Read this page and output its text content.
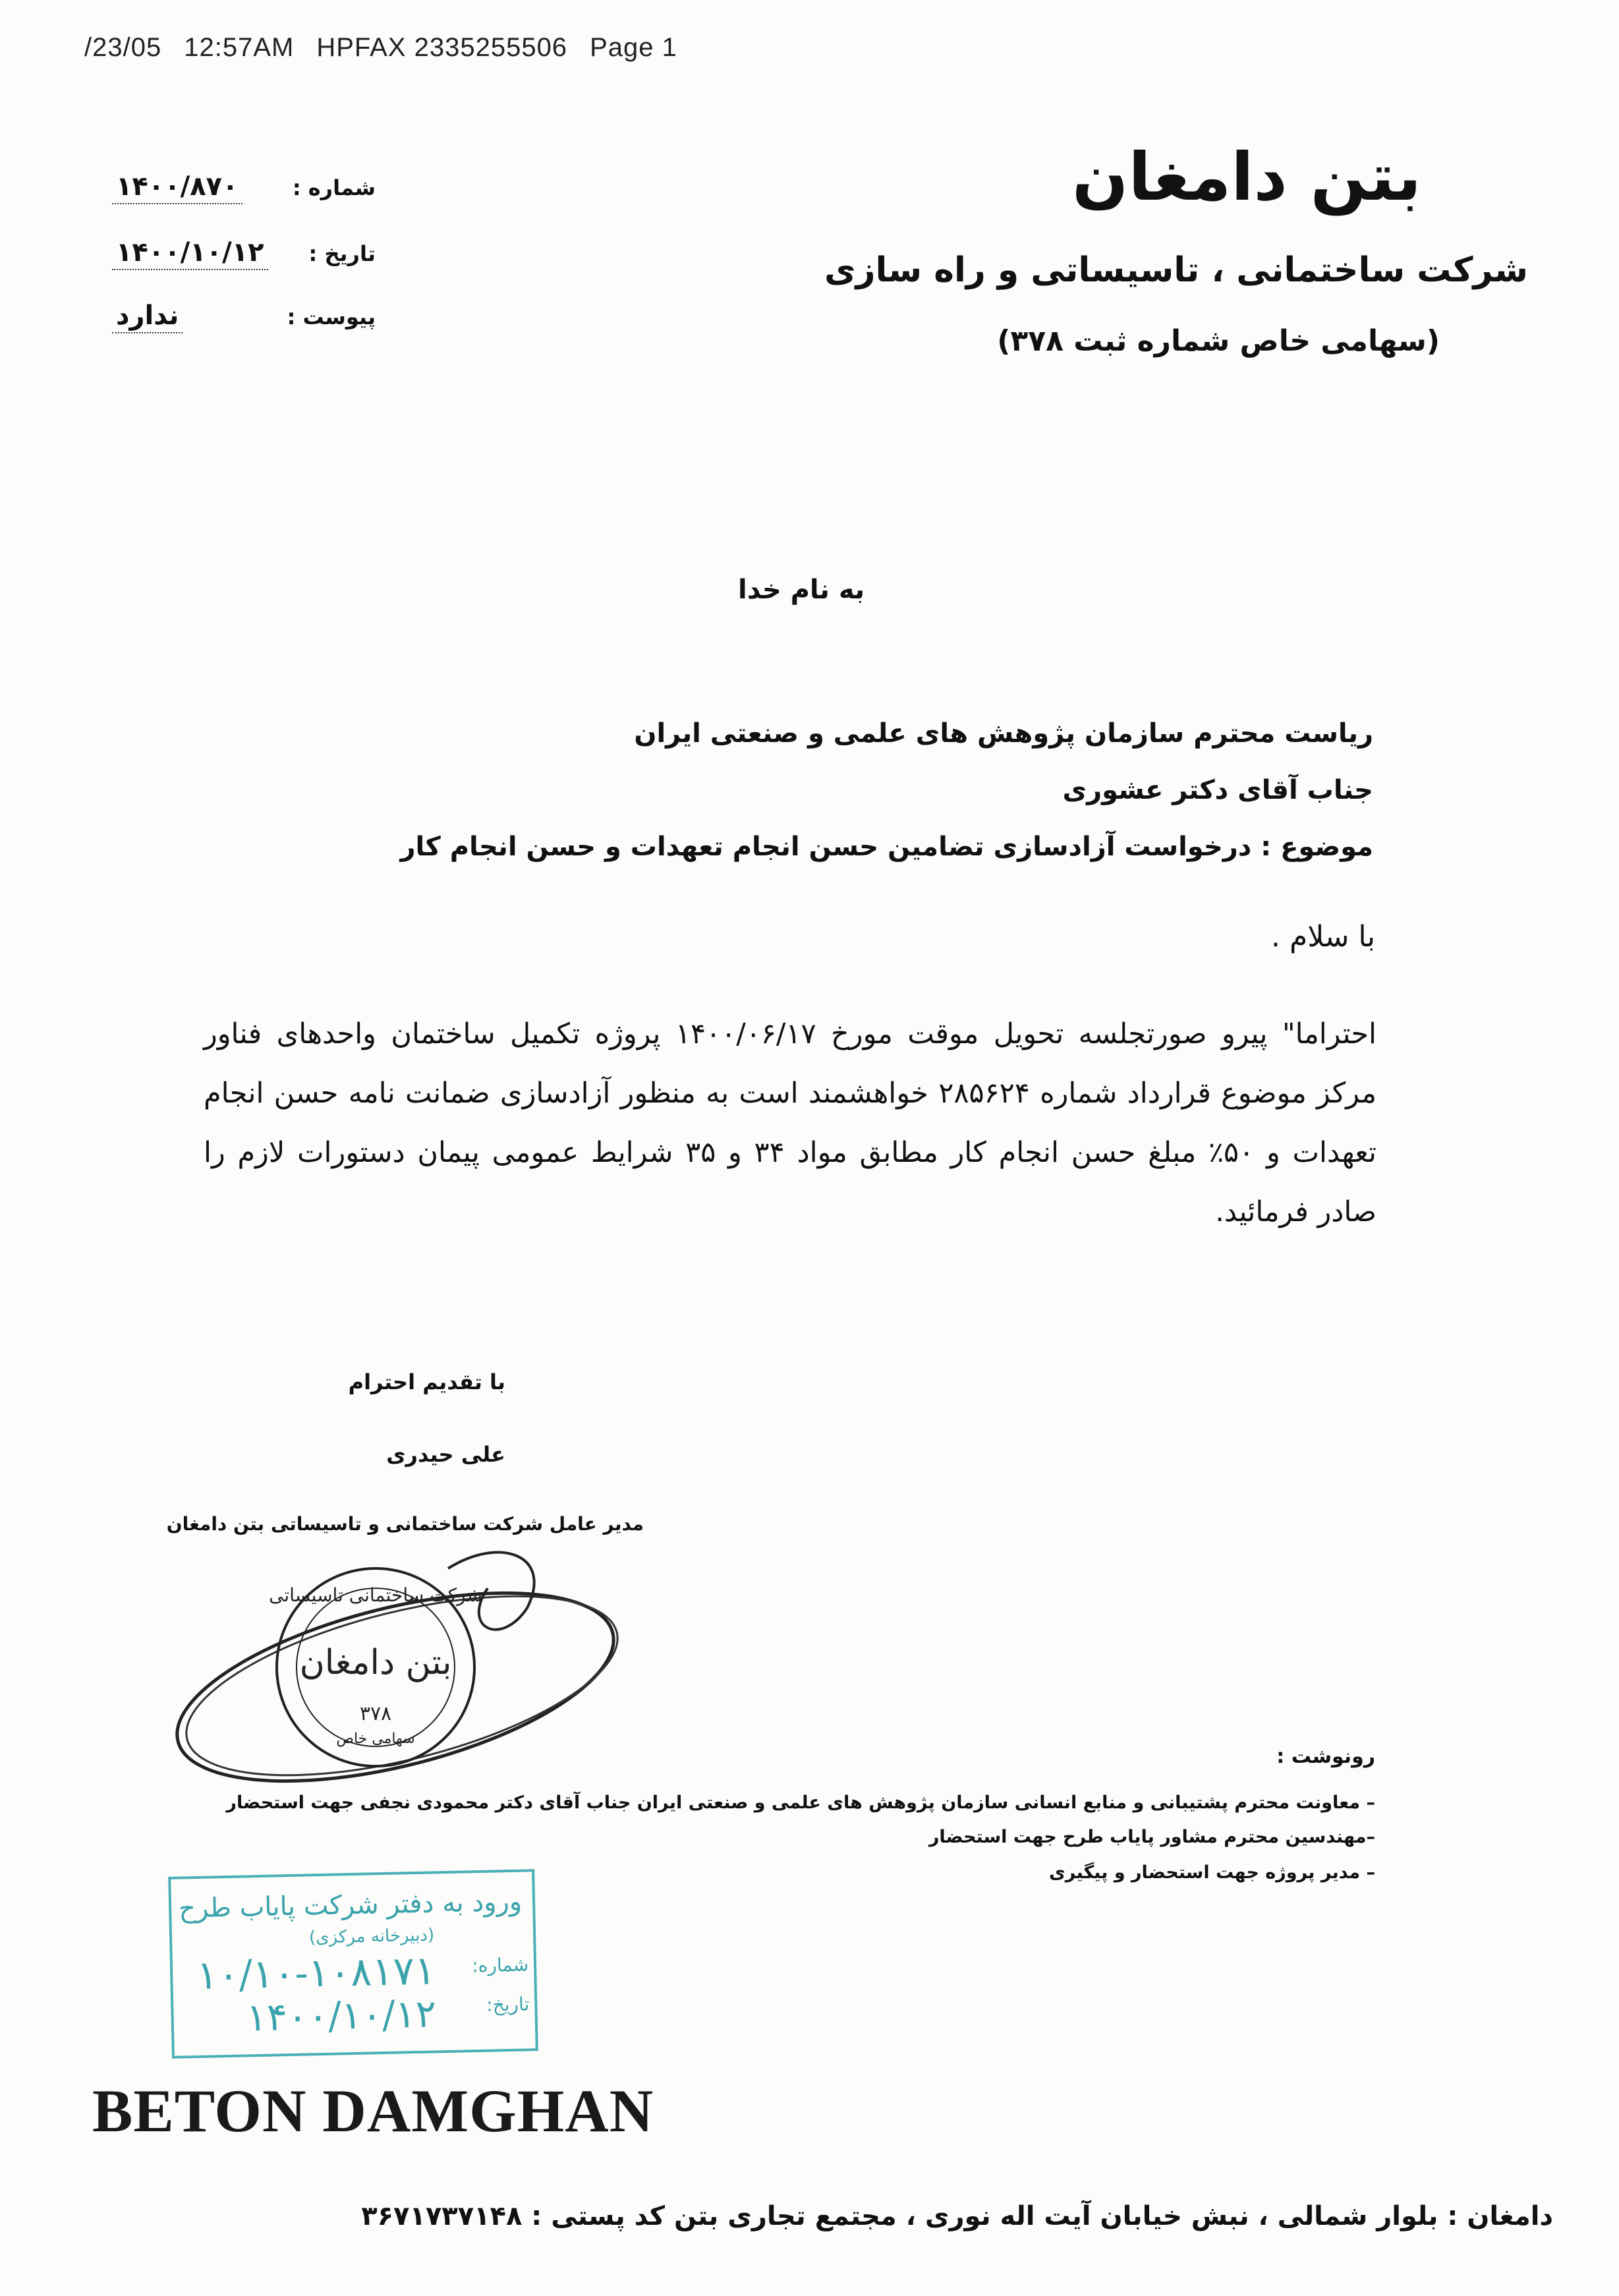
/23/05 12:57AM HPFAX 2335255506 Page 1
بتن دامغان
شرکت ساختمانی ، تاسیساتی و راه سازی
(سهامی خاص شماره ثبت ۳۷۸)
۱۴۰۰/۸۷۰	شماره :
۱۴۰۰/۱۰/۱۲ تاریخ :
ندارد	پیوست :
به نام خدا
ریاست محترم سازمان پژوهش های علمی و صنعتی ایران
جناب آقای دکتر عشوری
موضوع : درخواست آزادسازی تضامین حسن انجام تعهدات و حسن انجام کار
با سلام .
احتراما" پیرو صورتجلسه تحویل موقت مورخ ۱۴۰۰/۰۶/۱۷ پروژه تکمیل ساختمان واحدهای فناور مرکز موضوع قرارداد شماره ۲۸۵۶۲۴ خواهشمند است به منظور آزادسازی ضمانت نامه حسن انجام تعهدات و ۵۰٪ مبلغ حسن انجام کار مطابق مواد ۳۴ و ۳۵ شرایط عمومی پیمان دستورات لازم را صادر فرمائید.
با تقدیم احترام
علی حیدری
مدیر عامل شرکت ساختمانی و تاسیساتی بتن دامغان
شرکت ساختمانی تاسیساتی
بتن دامغان
۳۷۸
سهامی خاص
رونوشت :
– معاونت محترم پشتیبانی و منابع انسانی سازمان پژوهش های علمی و صنعتی ایران جناب آقای دکتر محمودی نجفی جهت استحضار
–مهندسین محترم مشاور پایاب طرح جهت استحضار
– مدیر پروژه جهت استحضار و پیگیری
ورود به دفتر شرکت پایاب طرح
(دبیرخانه مرکزی)
شماره:
تاریخ:
۱۰/۱۰-۱۰۸۱۷۱
۱۴۰۰/۱۰/۱۲
BETON DAMGHAN
دامغان : بلوار شمالی ، نبش خیابان آیت اله نوری ، مجتمع تجاری بتن کد پستی : ۳۶۷۱۷۳۷۱۴۸
